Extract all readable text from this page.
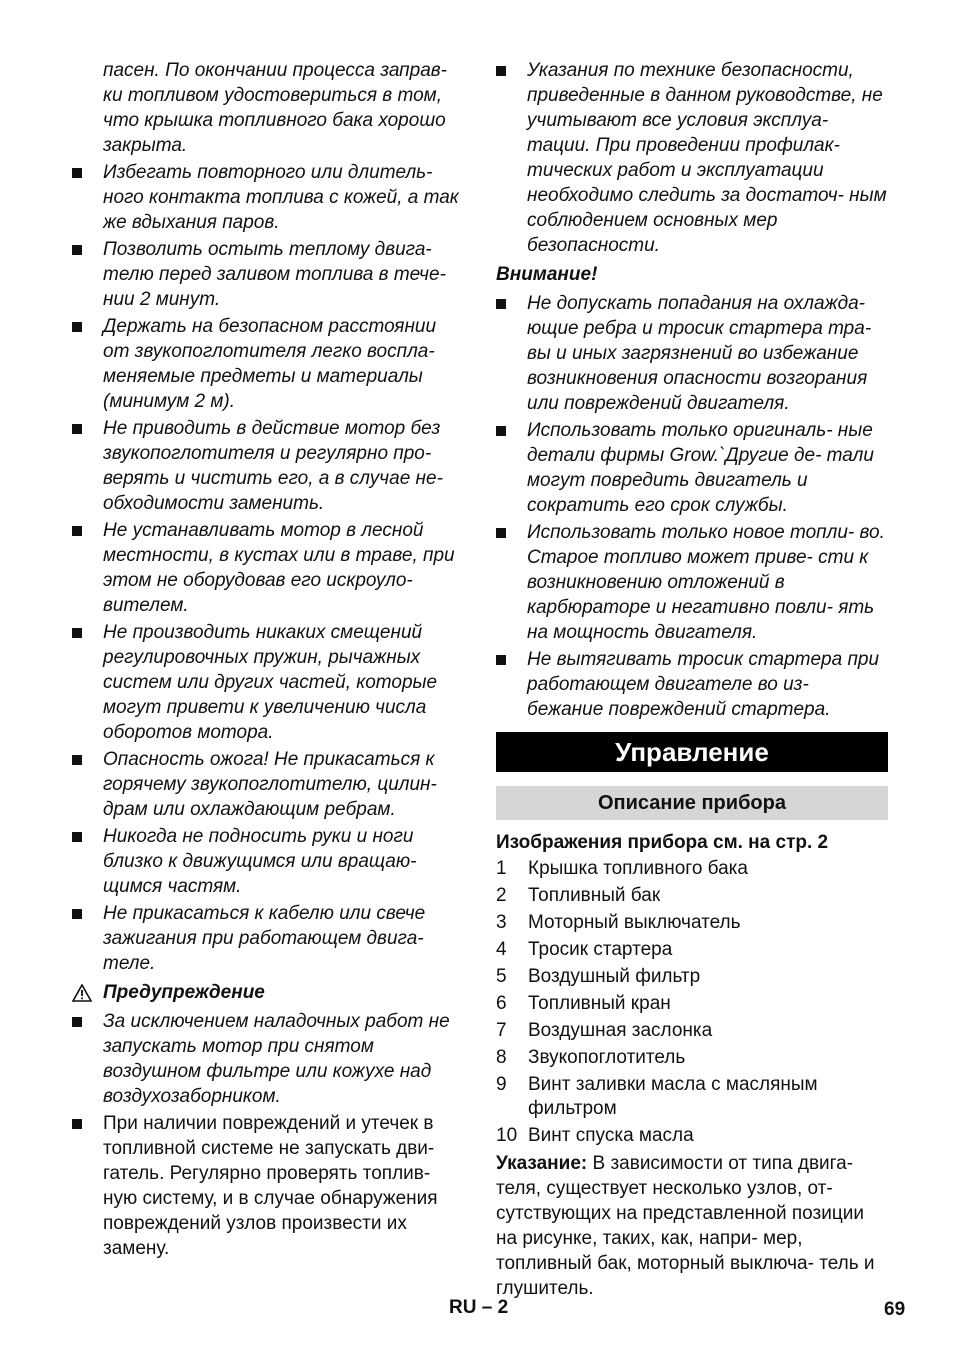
пасен. По окончании процесса заправ- ки топливом удостовериться в том, что крышка топливного бака хорошо закрыта.
Избегать повторного или длитель- ного контакта топлива с кожей, а так же вдыхания паров.
Позволить остыть теплому двига- телю перед заливом топлива в тече- нии 2 минут.
Держать на безопасном расстоянии от звукопоглотителя легко воспла- меняемые предметы и материалы (минимум 2 м).
Не приводить в действие мотор без звукопоглотителя и регулярно про- верять и чистить его, а в случае не- обходимости заменить.
Не устанавливать мотор в лесной местности, в кустах или в траве, при этом не оборудовав его искроуло- вителем.
Не производить никаких смещений регулировочных пружин, рычажных систем или других частей, которые могут привети к увеличению числа оборотов мотора.
Опасность ожога! Не прикасаться к горячему звукопоглотителю, цилин- драм или охлаждающим ребрам.
Никогда не подносить руки и ноги близко к движущимся или вращаю- щимся частям.
Не прикасаться к кабелю или свече зажигания при работающем двига- теле.
Предупреждение
За исключением наладочных работ не запускать мотор при снятом воздушном фильтре или кожухе над воздухозаборником.
При наличии повреждений и утечек в топливной системе не запускать дви- гатель. Регулярно проверять топлив- ную систему, и в случае обнаружения повреждений узлов произвести их замену.
Указания по технике безопасности, приведенные в данном руководстве, не учитывают все условия эксплуа- тации. При проведении профилак- тических работ и эксплуатации необходимо следить за достаточ- ным соблюдением основных мер безопасности.
Внимание!
Не допускать попадания на охлажда- ющие ребра и тросик стартера тра- вы и иных загрязнений во избежание возникновения опасности возгорания или повреждений двигателя.
Использовать только оригиналь- ные детали фирмы Grow.`Другие де- тали могут повредить двигатель и сократить его срок службы.
Использовать только новое топли- во. Старое топливо может приве- сти к возникновению отложений в карбюраторе и негативно повли- ять на мощность двигателя.
Не вытягивать тросик стартера при работающем двигателе во из- бежание повреждений стартера.
Управление
Описание прибора
Изображения прибора см. на стр. 2
1 Крышка топливного бака
2 Топливный бак
3 Моторный выключатель
4 Тросик стартера
5 Воздушный фильтр
6 Топливный кран
7 Воздушная заслонка
8 Звукопоглотитель
9 Винт заливки масла с масляным фильтром
10 Винт спуска масла
Указание: В зависимости от типа двига- теля, существует несколько узлов, от- сутствующих на представленной позиции на рисунке, таких, как, напри- мер, топливный бак, моторный выключа- тель и глушитель.
RU – 2	69
